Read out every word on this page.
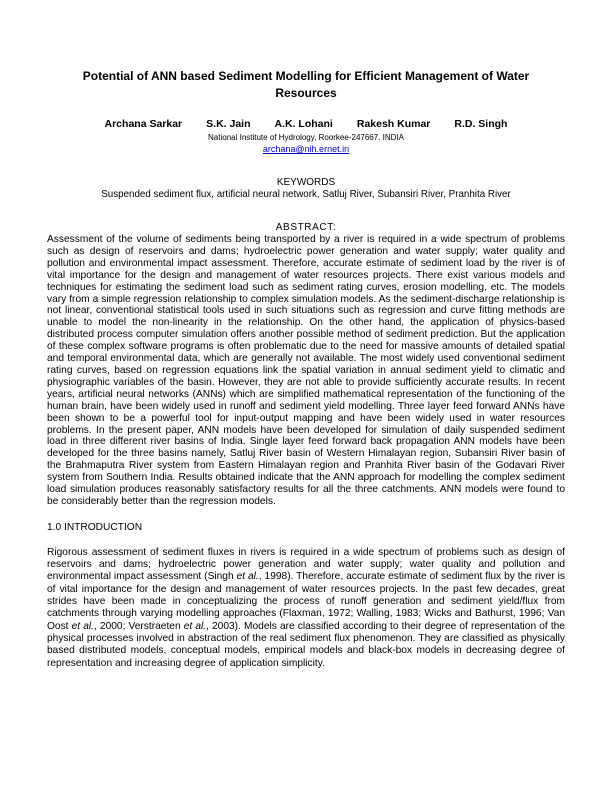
Potential of ANN based Sediment Modelling for Efficient Management of Water Resources
Archana Sarkar S.K. Jain A.K. Lohani Rakesh Kumar R.D. Singh
National Institute of Hydrology, Roorkee-247667. INDIA
archana@nih.ernet.in
KEYWORDS
Suspended sediment flux, artificial neural network, Satluj River, Subansiri River, Pranhita River
ABSTRACT:
Assessment of the volume of sediments being transported by a river is required in a wide spectrum of problems such as design of reservoirs and dams; hydroelectric power generation and water supply; water quality and pollution and environmental impact assessment. Therefore, accurate estimate of sediment load by the river is of vital importance for the design and management of water resources projects. There exist various models and techniques for estimating the sediment load such as sediment rating curves, erosion modelling, etc. The models vary from a simple regression relationship to complex simulation models. As the sediment-discharge relationship is not linear, conventional statistical tools used in such situations such as regression and curve fitting methods are unable to model the non-linearity in the relationship. On the other hand, the application of physics-based distributed process computer simulation offers another possible method of sediment prediction. But the application of these complex software programs is often problematic due to the need for massive amounts of detailed spatial and temporal environmental data, which are generally not available. The most widely used conventional sediment rating curves, based on regression equations link the spatial variation in annual sediment yield to climatic and physiographic variables of the basin. However, they are not able to provide sufficiently accurate results. In recent years, artificial neural networks (ANNs) which are simplified mathematical representation of the functioning of the human brain, have been widely used in runoff and sediment yield modelling. Three layer feed forward ANNs have been shown to be a powerful tool for input-output mapping and have been widely used in water resources problems. In the present paper, ANN models have been developed for simulation of daily suspended sediment load in three different river basins of India. Single layer feed forward back propagation ANN models have been developed for the three basins namely, Satluj River basin of Western Himalayan region, Subansiri River basin of the Brahmaputra River system from Eastern Himalayan region and Pranhita River basin of the Godavari River system from Southern India. Results obtained indicate that the ANN approach for modelling the complex sediment load simulation produces reasonably satisfactory results for all the three catchments. ANN models were found to be considerably better than the regression models.
1.0 INTRODUCTION
Rigorous assessment of sediment fluxes in rivers is required in a wide spectrum of problems such as design of reservoirs and dams; hydroelectric power generation and water supply; water quality and pollution and environmental impact assessment (Singh et al., 1998). Therefore, accurate estimate of sediment flux by the river is of vital importance for the design and management of water resources projects. In the past few decades, great strides have been made in conceptualizing the process of runoff generation and sediment yield/flux from catchments through varying modelling approaches (Flaxman, 1972; Walling, 1983; Wicks and Bathurst, 1996; Van Oost et al., 2000; Verstraeten et al., 2003). Models are classified according to their degree of representation of the physical processes involved in abstraction of the real sediment flux phenomenon. They are classified as physically based distributed models, conceptual models, empirical models and black-box models in decreasing degree of representation and increasing degree of application simplicity.
